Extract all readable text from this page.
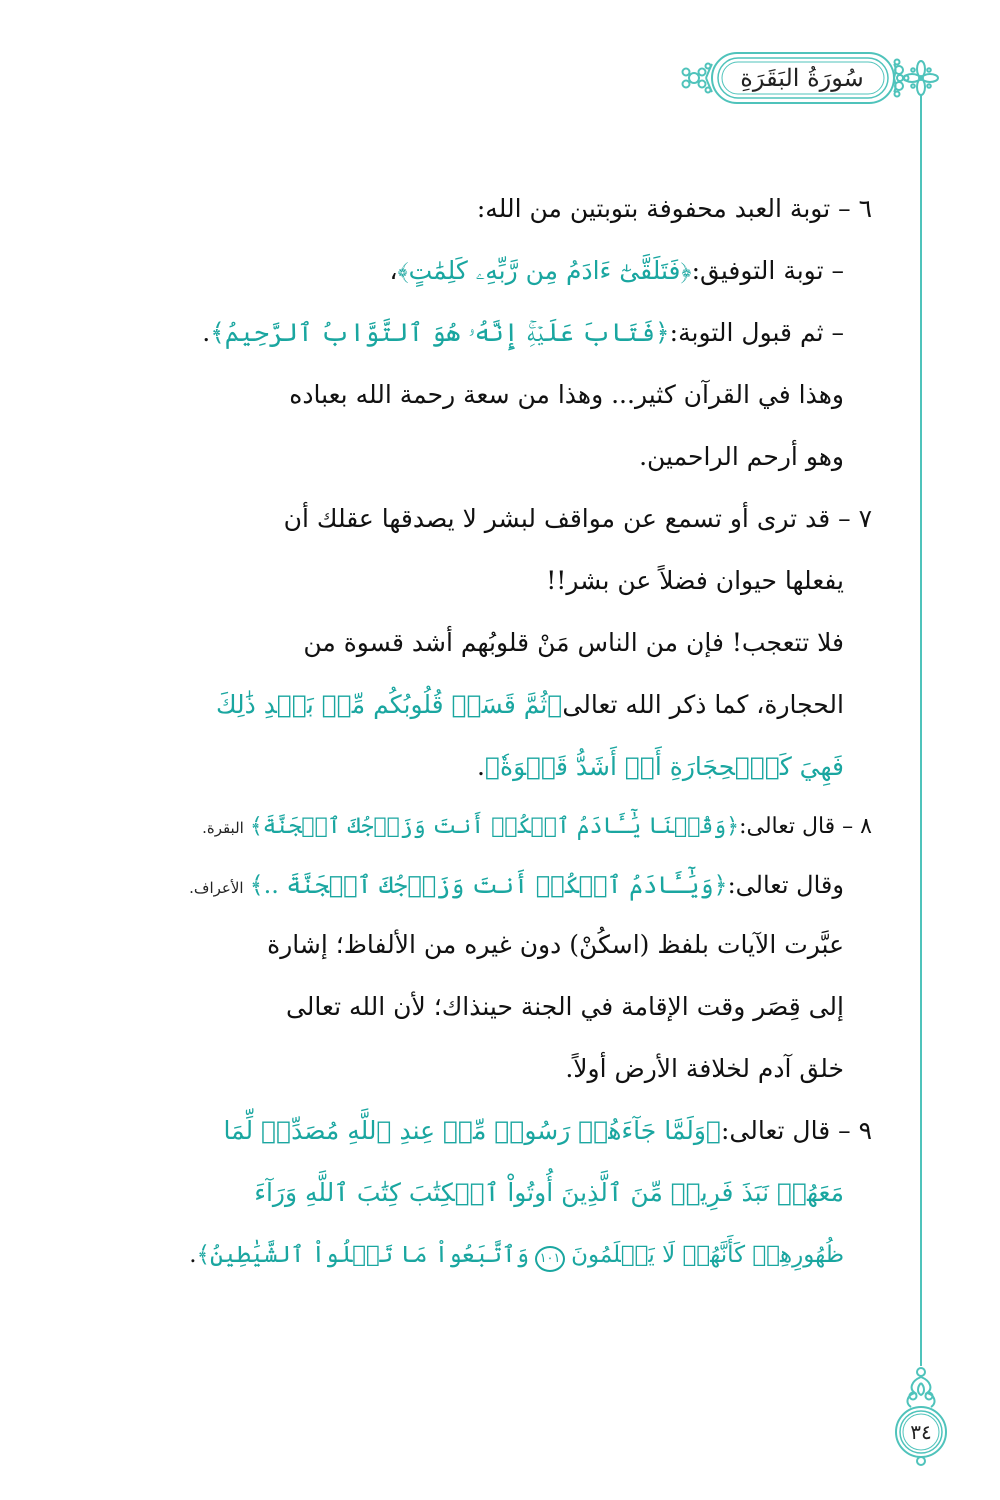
سُورَةُ البَقَرَةِ
٦ – توبة العبد محفوفة بتوبتين من الله:
– توبة التوفيق:
﴿فَتَلَقَّىٰٓ ءَادَمُ مِن رَّبِّهِۦ كَلِمَٰتٍ﴾
،
– ثم قبول التوبة:
﴿فَتَابَ عَلَيۡهِۚ إِنَّهُۥ هُوَ ٱلتَّوَّابُ ٱلرَّحِيمُ﴾
.
وهذا في القرآن كثير... وهذا من سعة رحمة الله بعباده
وهو أرحم الراحمين.
٧ – قد ترى أو تسمع عن مواقف لبشر لا يصدقها عقلك أن
يفعلها حيوان فضلاً عن بشر!!
فلا تتعجب! فإن من الناس مَنْ قلوبُهم أشد قسوة من
الحجارة، كما ذكر الله تعالى
﴿ثُمَّ قَسَتۡ قُلُوبُكُم مِّنۢ بَعۡدِ ذَٰلِكَ
فَهِيَ كَٱلۡحِجَارَةِ أَوۡ أَشَدُّ قَسۡوَةٗ﴾
.
٨ – قال تعالى:
﴿وَقُلۡنَا يَٰٓـَٔادَمُ ٱسۡكُنۡ أَنتَ وَزَوۡجُكَ ٱلۡجَنَّةَ﴾
البقرة.
وقال تعالى:
﴿وَيَٰٓـَٔادَمُ ٱسۡكُنۡ أَنتَ وَزَوۡجُكَ ٱلۡجَنَّةَ ..﴾
الأعراف.
عبَّرت الآيات بلفظ (اسكُنْ) دون غيره من الألفاظ؛ إشارة
إلى قِصَر وقت الإقامة في الجنة حينذاك؛ لأن الله تعالى
خلق آدم لخلافة الأرض أولاً.
٩ – قال تعالى:
﴿وَلَمَّا جَآءَهُمۡ رَسُولٞ مِّنۡ عِندِ ٱللَّهِ مُصَدِّقٞ لِّمَا
مَعَهُمۡ نَبَذَ فَرِيقٞ مِّنَ ٱلَّذِينَ أُوتُواْ ٱلۡكِتَٰبَ كِتَٰبَ ٱللَّهِ وَرَآءَ
ظُهُورِهِمۡ كَأَنَّهُمۡ لَا يَعۡلَمُونَ
١٠١
وَٱتَّبَعُواْ مَا تَتۡلُواْ ٱلشَّيَٰطِينُ﴾
.
٣٤
